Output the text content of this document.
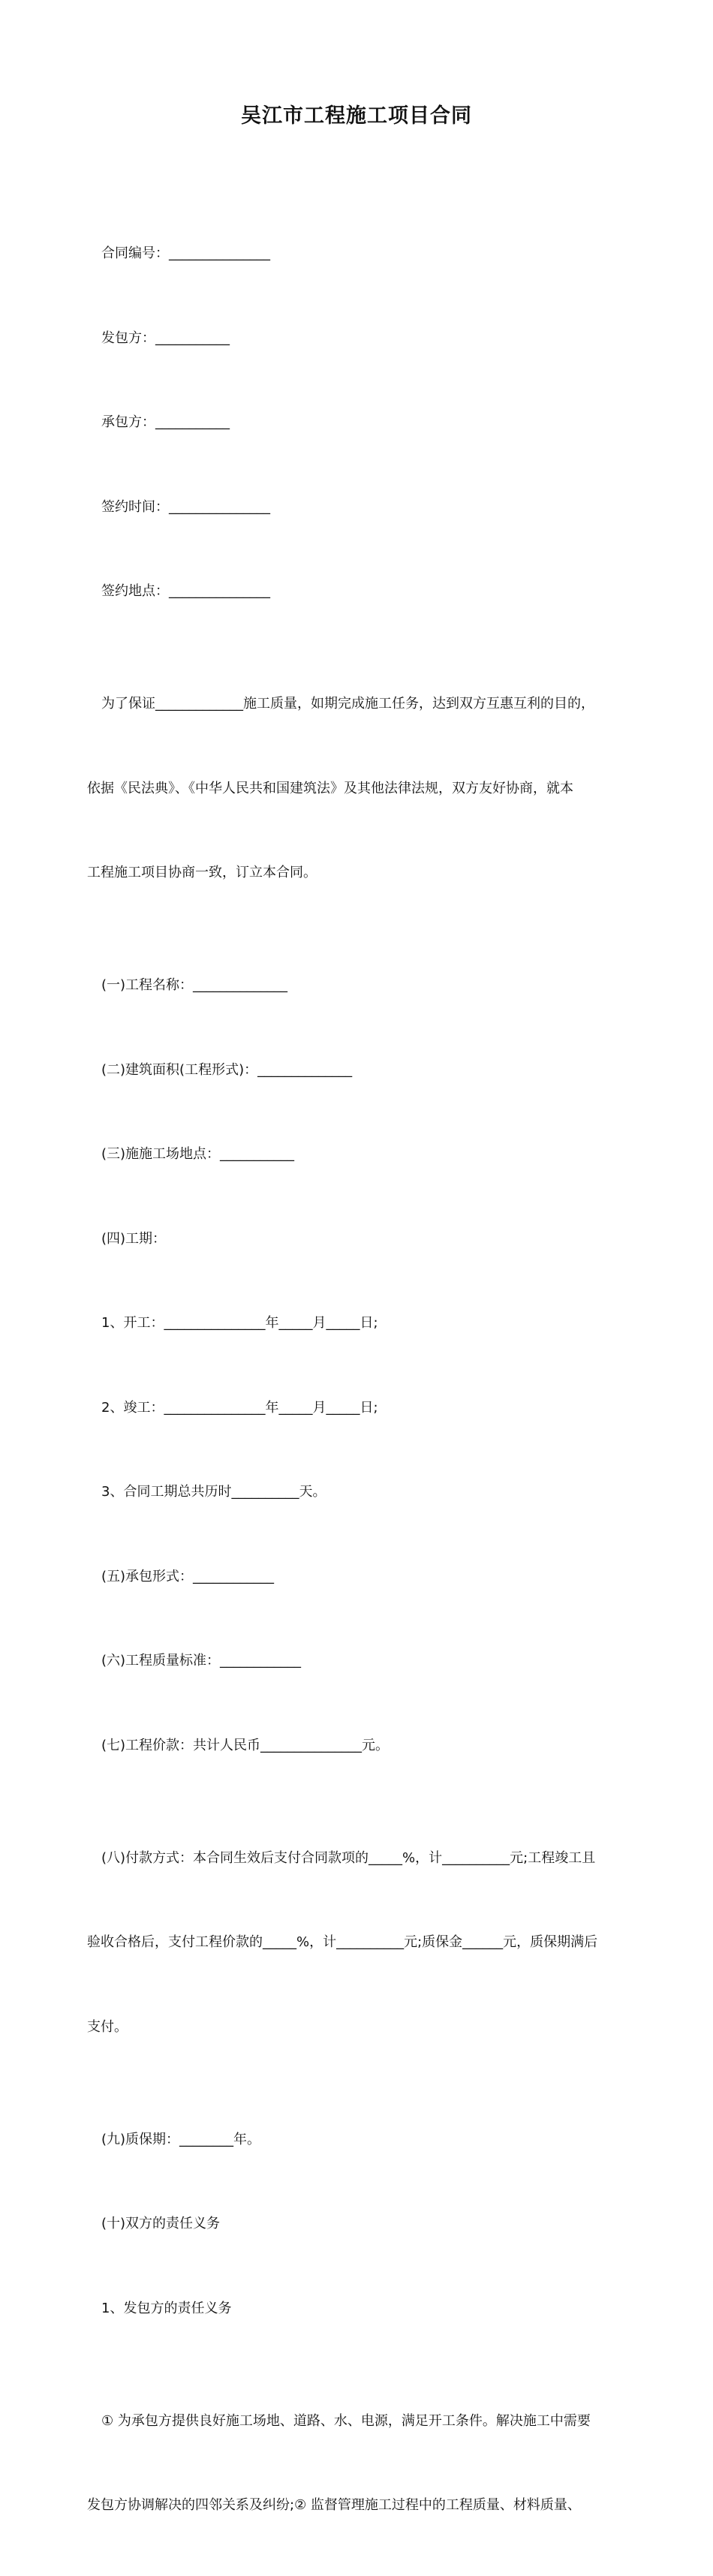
吴江市工程施工项目合同

合同编号：_______________

发包方：___________

承包方：___________

签约时间：_______________

签约地点：_______________

为了保证_____________施工质量，如期完成施工任务，达到双方互惠互利的目的，

依据《民法典》、《中华人民共和国建筑法》及其他法律法规，双方友好协商，就本

工程施工项目协商一致，订立本合同。

(一)工程名称：______________

(二)建筑面积(工程形式)：______________

(三)施施工场地点：___________

(四)工期：

1、开工：_______________年_____月_____日;

2、竣工：_______________年_____月_____日;

3、合同工期总共历时__________天。

(五)承包形式：____________

(六)工程质量标准：____________

(七)工程价款：共计人民币_______________元。

(八)付款方式：本合同生效后支付合同款项的_____%，计__________元;工程竣工且

验收合格后，支付工程价款的_____%，计__________元;质保金______元，质保期满后

支付。

(九)质保期：________年。

(十)双方的责任义务

1、发包方的责任义务

① 为承包方提供良好施工场地、道路、水、电源，满足开工条件。解决施工中需要

发包方协调解决的四邻关系及纠纷;② 监督管理施工过程中的工程质量、材料质量、
